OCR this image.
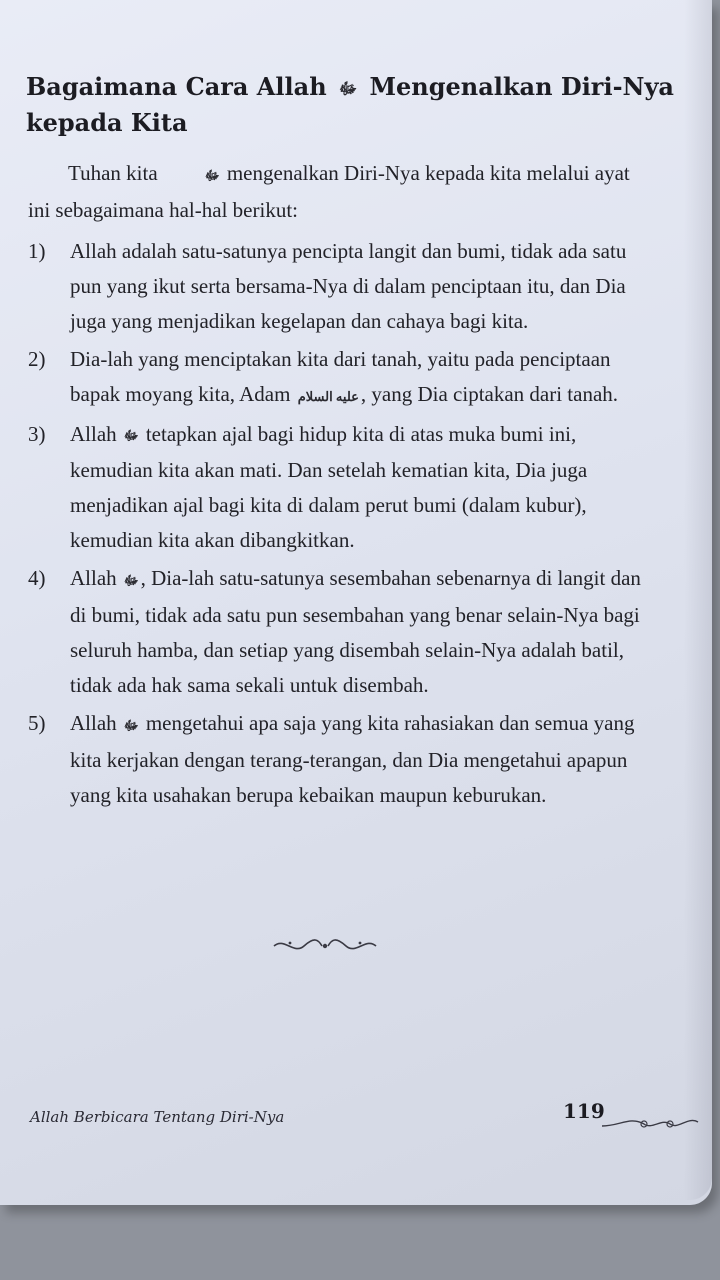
Bagaimana Cara Allah ﷻ Mengenalkan Diri-Nya kepada Kita

Tuhan kita	ﷻ mengenalkan Diri-Nya kepada kita melalui ayat ini sebagaimana hal-hal berikut:

1)	Allah adalah satu-satunya pencipta langit dan bumi, tidak ada satu pun yang ikut serta bersama-Nya di dalam penciptaan itu, dan Dia juga yang menjadikan kegelapan dan cahaya bagi kita.
2)	Dia-lah yang menciptakan kita dari tanah, yaitu pada penciptaan bapak moyang kita, Adam عليه السلام, yang Dia ciptakan dari tanah.
3)	Allah ﷻ tetapkan ajal bagi hidup kita di atas muka bumi ini, kemudian kita akan mati. Dan setelah kematian kita, Dia juga menjadikan ajal bagi kita di dalam perut bumi (dalam kubur), kemudian kita akan dibangkitkan.
4)	Allah ﷻ, Dia-lah satu-satunya sesembahan sebenarnya di langit dan di bumi, tidak ada satu pun sesembahan yang benar selain-Nya bagi seluruh hamba, dan setiap yang disembah selain-Nya adalah batil, tidak ada hak sama sekali untuk disembah.
5)	Allah ﷻ mengetahui apa saja yang kita rahasiakan dan semua yang kita kerjakan dengan terang-terangan, dan Dia mengetahui apapun yang kita usahakan berupa kebaikan maupun keburukan.
Allah Berbicara Tentang Diri-Nya	119
